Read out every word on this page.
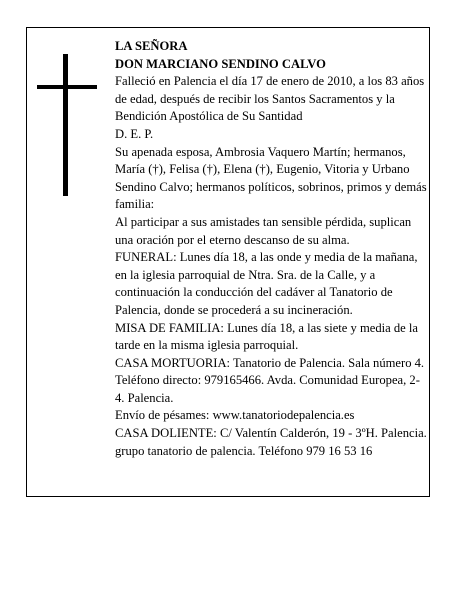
LA SEÑORA

DON MARCIANO SENDINO CALVO

Falleció en Palencia el día 17 de enero de 2010, a los 83 años de edad, después de recibir los Santos Sacramentos y la Bendición Apostólica de Su Santidad

D. E. P.

Su apenada esposa, Ambrosia Vaquero Martín; hermanos, María (†), Felisa (†), Elena (†), Eugenio, Vitoria y Urbano Sendino Calvo; hermanos políticos, sobrinos, primos y demás familia:

Al participar a sus amistades tan sensible pérdida, suplican una oración por el eterno descanso de su alma.

FUNERAL: Lunes día 18, a las onde y media de la mañana, en la iglesia parroquial de Ntra. Sra. de la Calle, y a continuación la conducción del cadáver al Tanatorio de Palencia, donde se procederá a su incineración.

MISA DE FAMILIA: Lunes día 18, a las siete y media de la tarde en la misma iglesia parroquial.

CASA MORTUORIA: Tanatorio de Palencia. Sala número 4. Teléfono directo: 979165466. Avda. Comunidad Europea, 2-4. Palencia.

Envío de pésames: www.tanatoriodepalencia.es

CASA DOLIENTE: C/ Valentín Calderón, 19 - 3ºH. Palencia.

grupo tanatorio de palencia. Teléfono 979 16 53 16
